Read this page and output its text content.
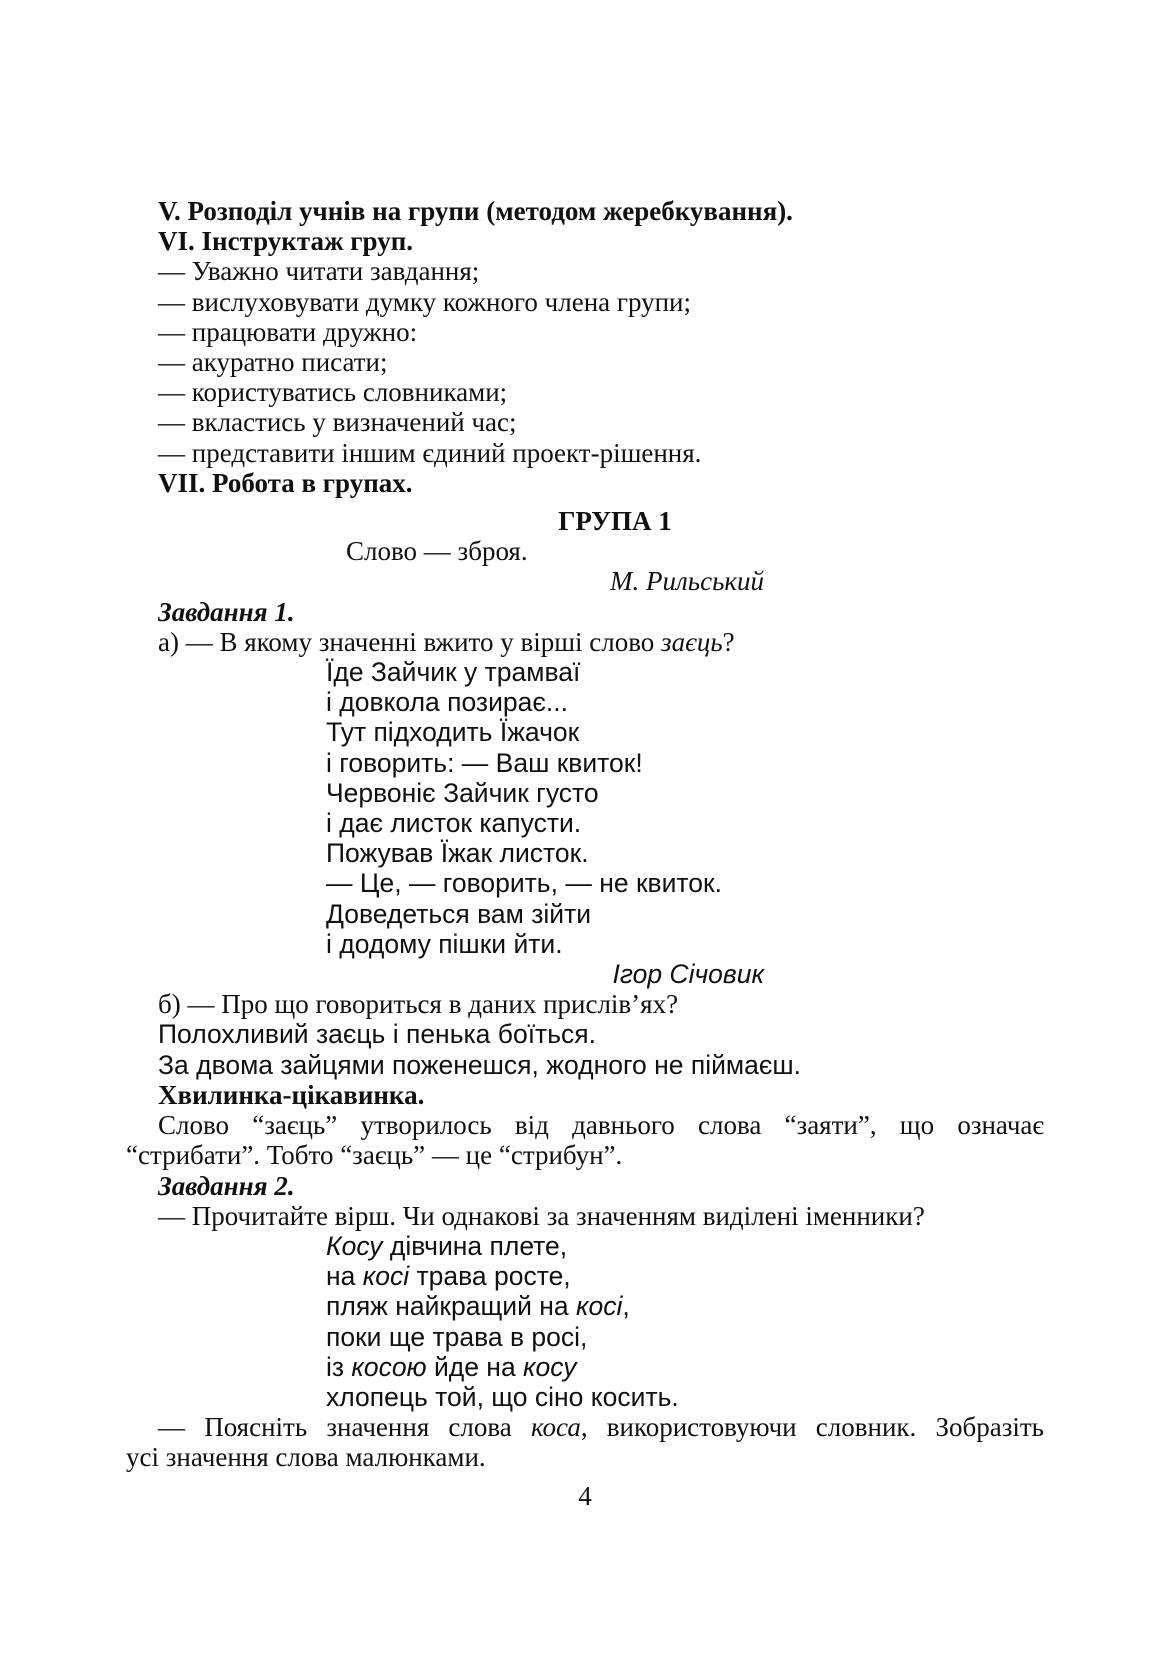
V. Розподіл учнів на групи (методом жеребкування).
VI. Інструктаж груп.
— Уважно читати завдання;
— вислуховувати думку кожного члена групи;
— працювати дружно:
— акуратно писати;
— користуватись словниками;
— вкластись у визначений час;
— представити іншим єдиний проект-рішення.
VII. Робота в групах.
ГРУПА 1
Слово — зброя.
М. Рильський
Завдання 1.
а) — В якому значенні вжито у вірші слово заєць?
Їде Зайчик у трамваї
і довкола позирає...
Тут підходить Їжачок
і говорить: — Ваш квиток!
Червоніє Зайчик густо
і дає листок капусти.
Пожував Їжак листок.
— Це, — говорить, — не квиток.
Доведеться вам зійти
і додому пішки йти.
Ігор Січовик
б) — Про що говориться в даних прислів’ях?
Полохливий заєць і пенька боїться.
За двома зайцями поженешся, жодного не піймаєш.
Хвилинка-цікавинка.
Слово “заєць” утворилось від давнього слова “заяти”, що означає
“стрибати”. Тобто “заєць” — це “стрибун”.
Завдання 2.
— Прочитайте вірш. Чи однакові за значенням виділені іменники?
Косу дівчина плете,
на косі трава росте,
пляж найкращий на косі,
поки ще трава в росі,
із косою йде на косу
хлопець той, що сіно косить.
— Поясніть значення слова коса, використовуючи словник. Зобразіть
усі значення слова малюнками.
4
